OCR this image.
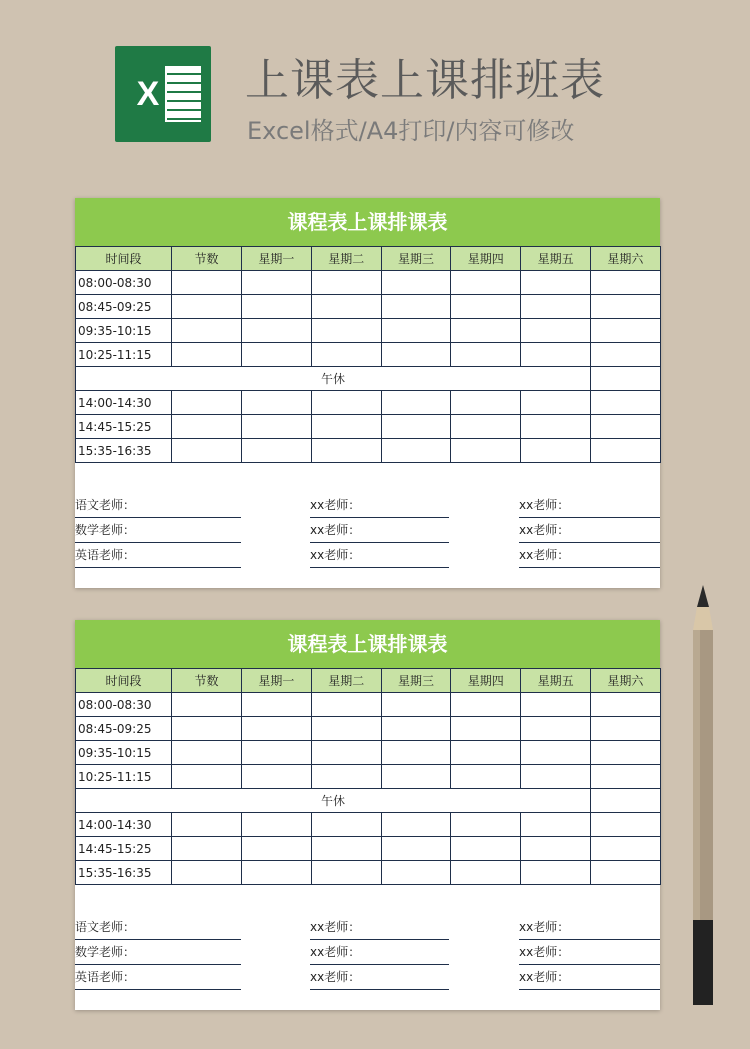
X 上课表上课排班表
Excel格式/A4打印/内容可修改
课程表上课排课表
时间段	节数	星期一	星期二	星期三	星期四	星期五	星期六
08:00-08:30							
08:45-09:25							
09:35-10:15							
10:25-11:15							
午休							
14:00-14:30							
14:45-15:25							
15:35-16:35							
语文老师：	xx老师：	xx老师：
数学老师：	xx老师：	xx老师：
英语老师：	xx老师：	xx老师：
课程表上课排课表
时间段	节数	星期一	星期二	星期三	星期四	星期五	星期六
08:00-08:30							
08:45-09:25							
09:35-10:15							
10:25-11:15							
午休							
14:00-14:30							
14:45-15:25							
15:35-16:35							
语文老师：	xx老师：	xx老师：
数学老师：	xx老师：	xx老师：
英语老师：	xx老师：	xx老师：
